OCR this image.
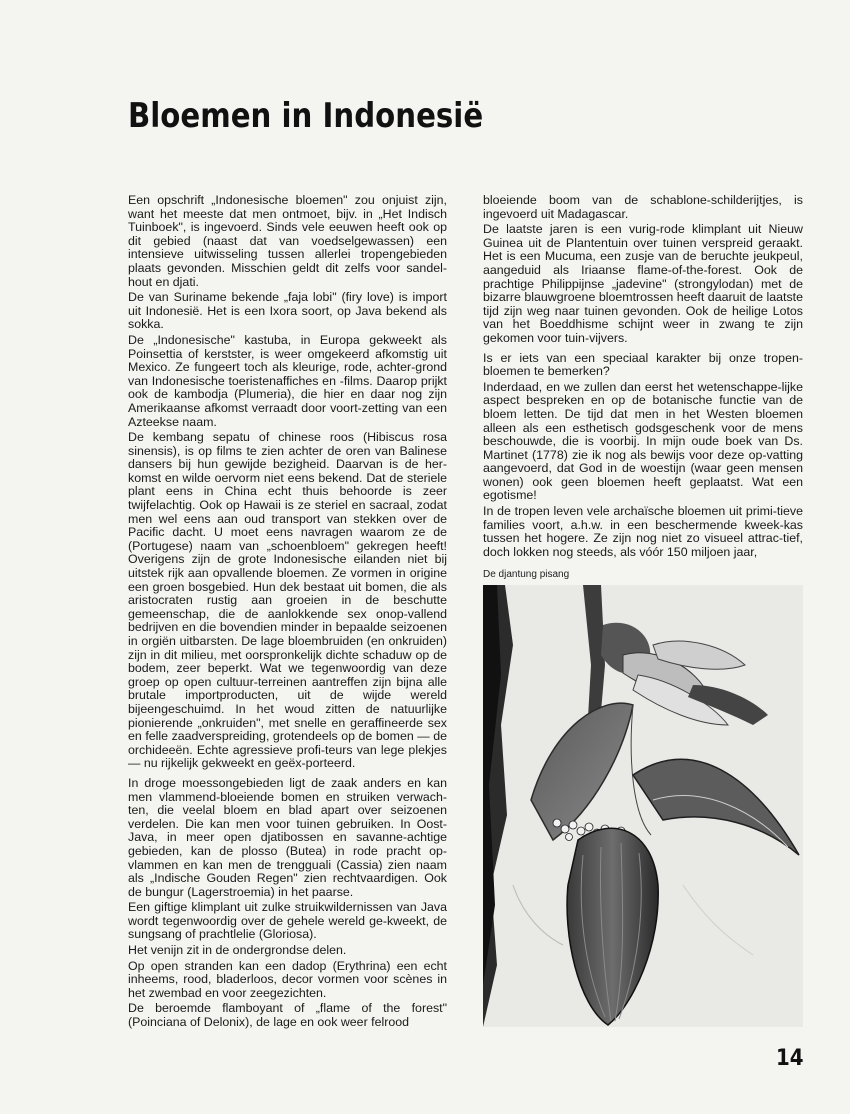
Bloemen in Indonesië

Een opschrift „Indonesische bloemen" zou onjuist zijn, want het meeste dat men ontmoet, bijv. in „Het Indisch Tuinboek", is ingevoerd. Sinds vele eeuwen heeft ook op dit gebied (naast dat van voedselgewassen) een intensieve uitwisseling tussen allerlei tropengebieden plaats gevonden. Misschien geldt dit zelfs voor sandel-hout en djati.

De van Suriname bekende „faja lobi" (firy love) is import uit Indonesië. Het is een Ixora soort, op Java bekend als sokka.

De „Indonesische" kastuba, in Europa gekweekt als Poinsettia of kerstster, is weer omgekeerd afkomstig uit Mexico. Ze fungeert toch als kleurige, rode, achter-grond van Indonesische toeristenaffiches en -films. Daarop prijkt ook de kambodja (Plumeria), die hier en daar nog zijn Amerikaanse afkomst verraadt door voort-zetting van een Azteekse naam.

De kembang sepatu of chinese roos (Hibiscus rosa sinensis), is op films te zien achter de oren van Balinese dansers bij hun gewijde bezigheid. Daarvan is de her-komst en wilde oervorm niet eens bekend. Dat de steriele plant eens in China echt thuis behoorde is zeer twijfelachtig. Ook op Hawaii is ze steriel en sacraal, zodat men wel eens aan oud transport van stekken over de Pacific dacht. U moet eens navragen waarom ze de (Portugese) naam van „schoenbloem" gekregen heeft! Overigens zijn de grote Indonesische eilanden niet bij uitstek rijk aan opvallende bloemen. Ze vormen in origine een groen bosgebied. Hun dek bestaat uit bomen, die als aristocraten rustig aan groeien in de beschutte gemeenschap, die de aanlokkende sex onop-vallend bedrijven en die bovendien minder in bepaalde seizoenen in orgiën uitbarsten. De lage bloembruiden (en onkruiden) zijn in dit milieu, met oorspronkelijk dichte schaduw op de bodem, zeer beperkt. Wat we tegenwoordig van deze groep op open cultuur-terreinen aantreffen zijn bijna alle brutale importproducten, uit de wijde wereld bijeengeschuimd. In het woud zitten de natuurlijke pionierende „onkruiden", met snelle en geraffineerde sex en felle zaadverspreiding, grotendeels op de bomen — de orchideeën. Echte agressieve profi-teurs van lege plekjes — nu rijkelijk gekweekt en geëx-porteerd.

In droge moessongebieden ligt de zaak anders en kan men vlammend-bloeiende bomen en struiken verwach-ten, die veelal bloem en blad apart over seizoenen verdelen. Die kan men voor tuinen gebruiken. In Oost-Java, in meer open djatibossen en savanne-achtige gebieden, kan de plosso (Butea) in rode pracht op-vlammen en kan men de trengguali (Cassia) zien naam als „Indische Gouden Regen" zien rechtvaardigen. Ook de bungur (Lagerstroemia) in het paarse.

Een giftige klimplant uit zulke struikwildernissen van Java wordt tegenwoordig over de gehele wereld ge-kweekt, de sungsang of prachtlelie (Gloriosa).

Het venijn zit in de ondergrondse delen.

Op open stranden kan een dadop (Erythrina) een echt inheems, rood, bladerloos, decor vormen voor scènes in het zwembad en voor zeegezichten.

De beroemde flamboyant of „flame of the forest" (Poinciana of Delonix), de lage en ook weer felrood

bloeiende boom van de schablone-schilderijtjes, is ingevoerd uit Madagascar.

De laatste jaren is een vurig-rode klimplant uit Nieuw Guinea uit de Plantentuin over tuinen verspreid geraakt. Het is een Mucuma, een zusje van de beruchte jeukpeul, aangeduid als Iriaanse flame-of-the-forest. Ook de prachtige Philippijnse „jadevine" (strongylodan) met de bizarre blauwgroene bloemtrossen heeft daaruit de laatste tijd zijn weg naar tuinen gevonden. Ook de heilige Lotos van het Boeddhisme schijnt weer in zwang te zijn gekomen voor tuin-vijvers.

Is er iets van een speciaal karakter bij onze tropen-bloemen te bemerken?

Inderdaad, en we zullen dan eerst het wetenschappe-lijke aspect bespreken en op de botanische functie van de bloem letten. De tijd dat men in het Westen bloemen alleen als een esthetisch godsgeschenk voor de mens beschouwde, die is voorbij. In mijn oude boek van Ds. Martinet (1778) zie ik nog als bewijs voor deze op-vatting aangevoerd, dat God in de woestijn (waar geen mensen wonen) ook geen bloemen heeft geplaatst. Wat een egotisme!

In de tropen leven vele archaïsche bloemen uit primi-tieve families voort, a.h.w. in een beschermende kweek-kas tussen het hogere. Ze zijn nog niet zo visueel attrac-tief, doch lokken nog steeds, als vóór 150 miljoen jaar,

De djantung pisang
14
